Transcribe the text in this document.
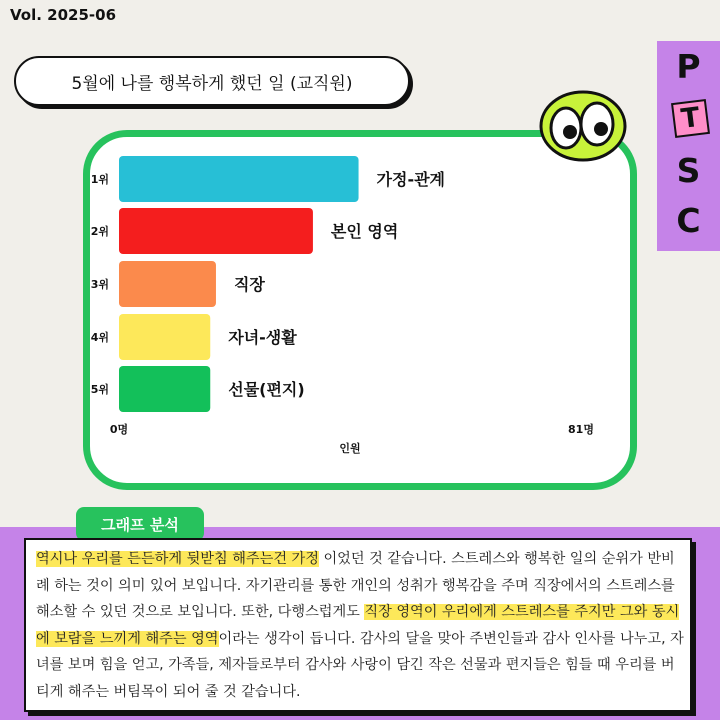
Vol. 2025-06
5월에 나를 행복하게 했던 일 (교직원)	P
T
S
C
1위	가정-관계
2위	본인 영역
3위	직장
4위	자녀-생활
5위	선물(편지)
0명	81명
인원
그래프 분석
역시나 우리를 든든하게 뒷받침 해주는건 가정 이었던 것 같습니다. 스트레스와 행복한 일의 순위가 반비례 하는 것이 의미 있어 보입니다. 자기관리를 통한 개인의 성취가 행복감을 주며 직장에서의 스트레스를 해소할 수 있던 것으로 보입니다. 또한, 다행스럽게도 직장 영역이 우리에게 스트레스를 주지만 그와 동시에 보람을 느끼게 해주는 영역이라는 생각이 듭니다. 감사의 달을 맞아 주변인들과 감사 인사를 나누고, 자녀를 보며 힘을 얻고, 가족들, 제자들로부터 감사와 사랑이 담긴 작은 선물과 편지들은 힘들 때 우리를 버티게 해주는 버팀목이 되어 줄 것 같습니다.
